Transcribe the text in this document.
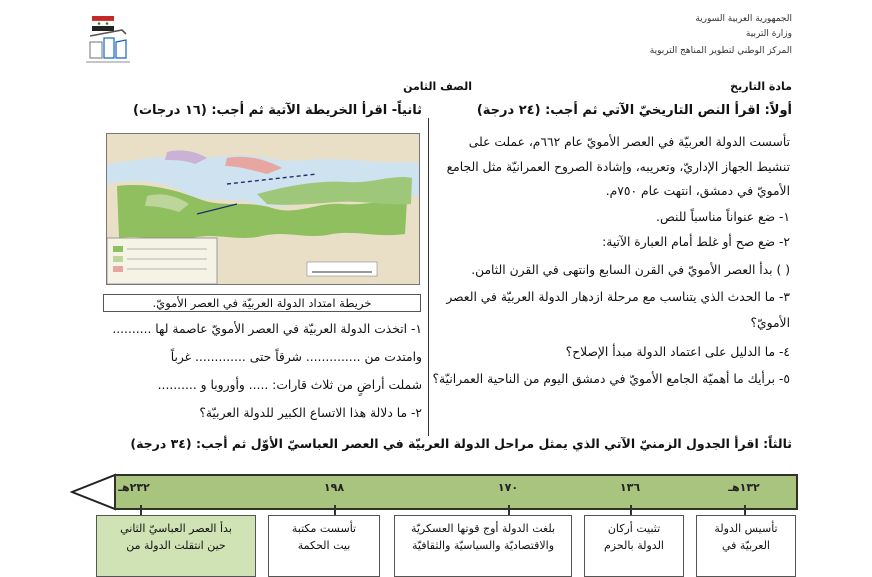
الجمهورية العربية السورية
وزارة التربية
المركز الوطني لتطوير المناهج التربوية
مادة التاريخ
الصف الثامن
أولاً: اقرأ النص التاريخيّ الآتي ثم أجب: (٢٤ درجة)
تأسست الدولة العربيّة في العصر الأمويّ عام ٦٦٢م، عملت على
تنشيط الجهاز الإداريّ، وتعريبه، وإشادة الصروح العمرانيّة مثل الجامع
الأمويّ في دمشق، انتهت عام ٧٥٠م.
١- ضع عنواناً مناسباً للنص.
٢- ضع صح أو غلط أمام العبارة الآتية:
( ) بدأ العصر الأمويّ في القرن السابع وانتهى في القرن الثامن.
٣- ما الحدث الذي يتناسب مع مرحلة ازدهار الدولة العربيّة في العصر
الأمويّ؟
٤- ما الدليل على اعتماد الدولة مبدأ الإصلاح؟
٥- برأيك ما أهميّة الجامع الأمويّ في دمشق اليوم من الناحية العمرانيّة؟
ثانياً- اقرأ الخريطة الآتية ثم أجب: (١٦ درجات)
خريطة امتداد الدولة العربيّة في العصر الأمويّ.
١- اتخذت الدولة العربيّة في العصر الأمويّ عاصمة لها ..........
وامتدت من .............. شرقاً حتى ............. غرباً
شملت أراضٍ من ثلاث قارات: ..... وأوروبا و ..........
٢- ما دلالة هذا الاتساع الكبير للدولة العربيّة؟
ثالثاً: اقرأ الجدول الزمنيّ الآتي الذي يمثل مراحل الدولة العربيّة في العصر العباسيّ الأوّل ثم أجب: (٣٤ درجة)
١٣٢هـ
١٣٦
١٧٠
١٩٨
٢٣٢هـ
تأسيس الدولة
العربيّة في
تثبيت أركان
الدولة بالحزم
بلغت الدولة أوج قوتها العسكريّة
والاقتصاديّة والسياسيّة والثقافيّة
تأسست مكتبة
بيت الحكمة
بدأ العصر العباسيّ الثاني
حين انتقلت الدولة من
